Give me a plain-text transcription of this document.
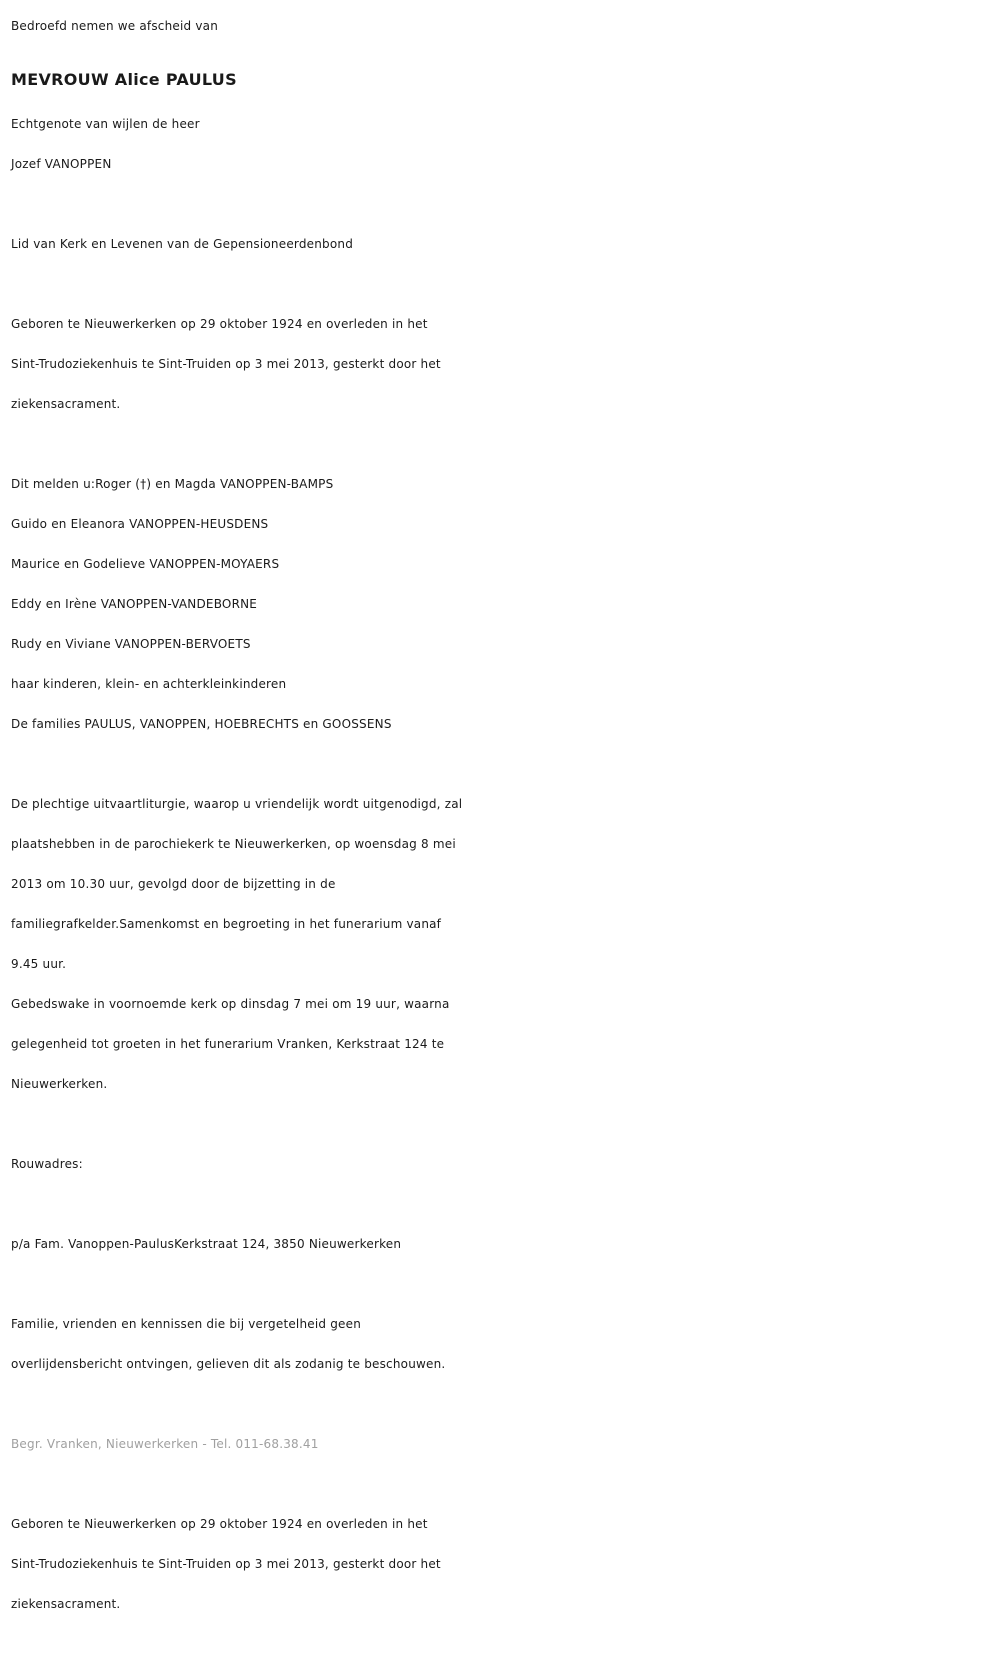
Bedroefd nemen we afscheid van
MEVROUW Alice PAULUS
Echtgenote van wijlen de heer
Jozef VANOPPEN
Lid van Kerk en Levenen van de Gepensioneerdenbond
Geboren te Nieuwerkerken op 29 oktober 1924 en overleden in het
Sint-Trudoziekenhuis te Sint-Truiden op 3 mei 2013, gesterkt door het
ziekensacrament.
Dit melden u:Roger (†) en Magda VANOPPEN-BAMPS
Guido en Eleanora VANOPPEN-HEUSDENS
Maurice en Godelieve VANOPPEN-MOYAERS
Eddy en Irène VANOPPEN-VANDEBORNE
Rudy en Viviane VANOPPEN-BERVOETS
haar kinderen, klein- en achterkleinkinderen
De families PAULUS, VANOPPEN, HOEBRECHTS en GOOSSENS
De plechtige uitvaartliturgie, waarop u vriendelijk wordt uitgenodigd, zal
plaatshebben in de parochiekerk te Nieuwerkerken, op woensdag 8 mei
2013 om 10.30 uur, gevolgd door de bijzetting in de
familiegrafkelder.Samenkomst en begroeting in het funerarium vanaf
9.45 uur.
Gebedswake in voornoemde kerk op dinsdag 7 mei om 19 uur, waarna
gelegenheid tot groeten in het funerarium Vranken, Kerkstraat 124 te
Nieuwerkerken.
Rouwadres:
p/a Fam. Vanoppen-PaulusKerkstraat 124, 3850 Nieuwerkerken
Familie, vrienden en kennissen die bij vergetelheid geen
overlijdensbericht ontvingen, gelieven dit als zodanig te beschouwen.
Begr. Vranken, Nieuwerkerken - Tel. 011-68.38.41
Geboren te Nieuwerkerken op 29 oktober 1924 en overleden in het
Sint-Trudoziekenhuis te Sint-Truiden op 3 mei 2013, gesterkt door het
ziekensacrament.
